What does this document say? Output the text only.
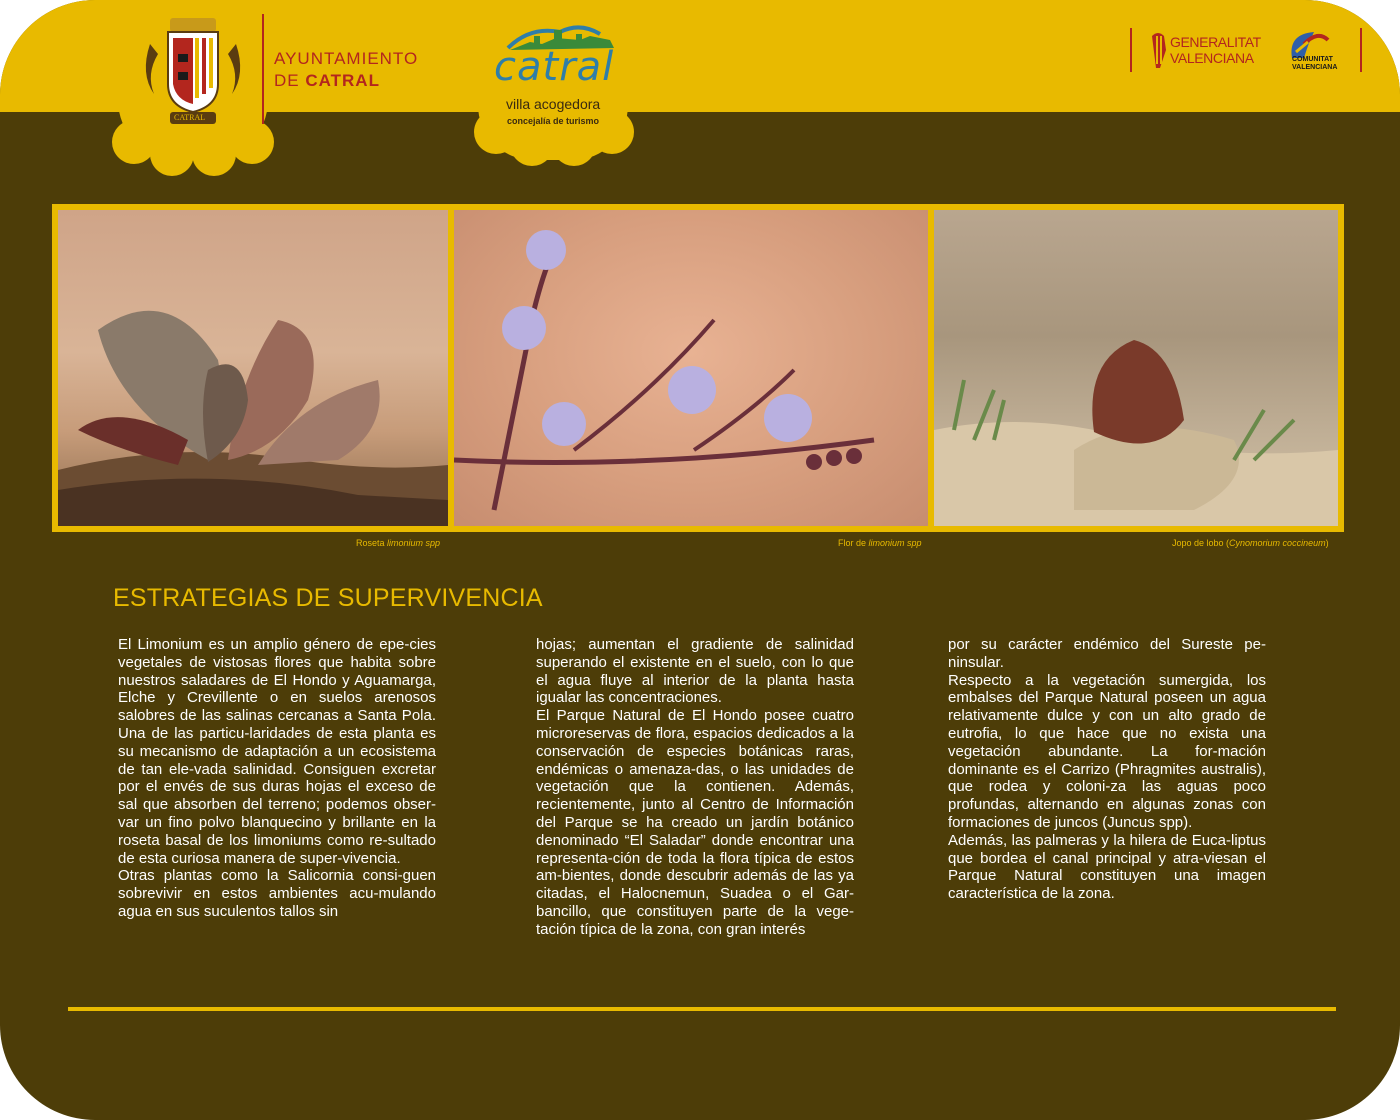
CATRAL
AYUNTAMIENTO
DE CATRAL	catral
villa acogedora
concejalía de turismo
GENERALITAT
VALENCIANA	COMUNITAT
VALENCIANA
Roseta limonium spp	Flor de limonium spp	Jopo de lobo (Cynomorium coccineum)
ESTRATEGIAS DE SUPERVIVENCIA

El Limonium es un amplio género de epe-cies vegetales de vistosas flores que habita sobre nuestros saladares de El Hondo y Aguamarga, Elche y Crevillente o en suelos arenosos salobres de las salinas cercanas a Santa Pola. Una de las particu-laridades de esta planta es su mecanismo de adaptación a un ecosistema de tan ele-vada salinidad. Consiguen excretar por el envés de sus duras hojas el exceso de sal que absorben del terreno; podemos obser-var un fino polvo blanquecino y brillante en la roseta basal de los limoniums como re-sultado de esta curiosa manera de super-vivencia.

Otras plantas como la Salicornia consi-guen sobrevivir en estos ambientes acu-mulando agua en sus suculentos tallos sin

hojas; aumentan el gradiente de salinidad superando el existente en el suelo, con lo que el agua fluye al interior de la planta hasta igualar las concentraciones.

El Parque Natural de El Hondo posee cuatro microreservas de flora, espacios dedicados a la conservación de especies botánicas raras, endémicas o amenaza-das, o las unidades de vegetación que la contienen. Además, recientemente, junto al Centro de Información del Parque se ha creado un jardín botánico denominado “El Saladar” donde encontrar una representa-ción de toda la flora típica de estos am-bientes, donde descubrir además de las ya citadas, el Halocnemun, Suadea o el Gar-bancillo, que constituyen parte de la vege-tación típica de la zona, con gran interés

por su carácter endémico del Sureste pe-ninsular.

Respecto a la vegetación sumergida, los embalses del Parque Natural poseen un agua relativamente dulce y con un alto grado de eutrofia, lo que hace que no exista una vegetación abundante. La for-mación dominante es el Carrizo (Phragmites australis), que rodea y coloni-za las aguas poco profundas, alternando en algunas zonas con formaciones de juncos (Juncus spp).

Además, las palmeras y la hilera de Euca-liptus que bordea el canal principal y atra-viesan el Parque Natural constituyen una imagen característica de la zona.
